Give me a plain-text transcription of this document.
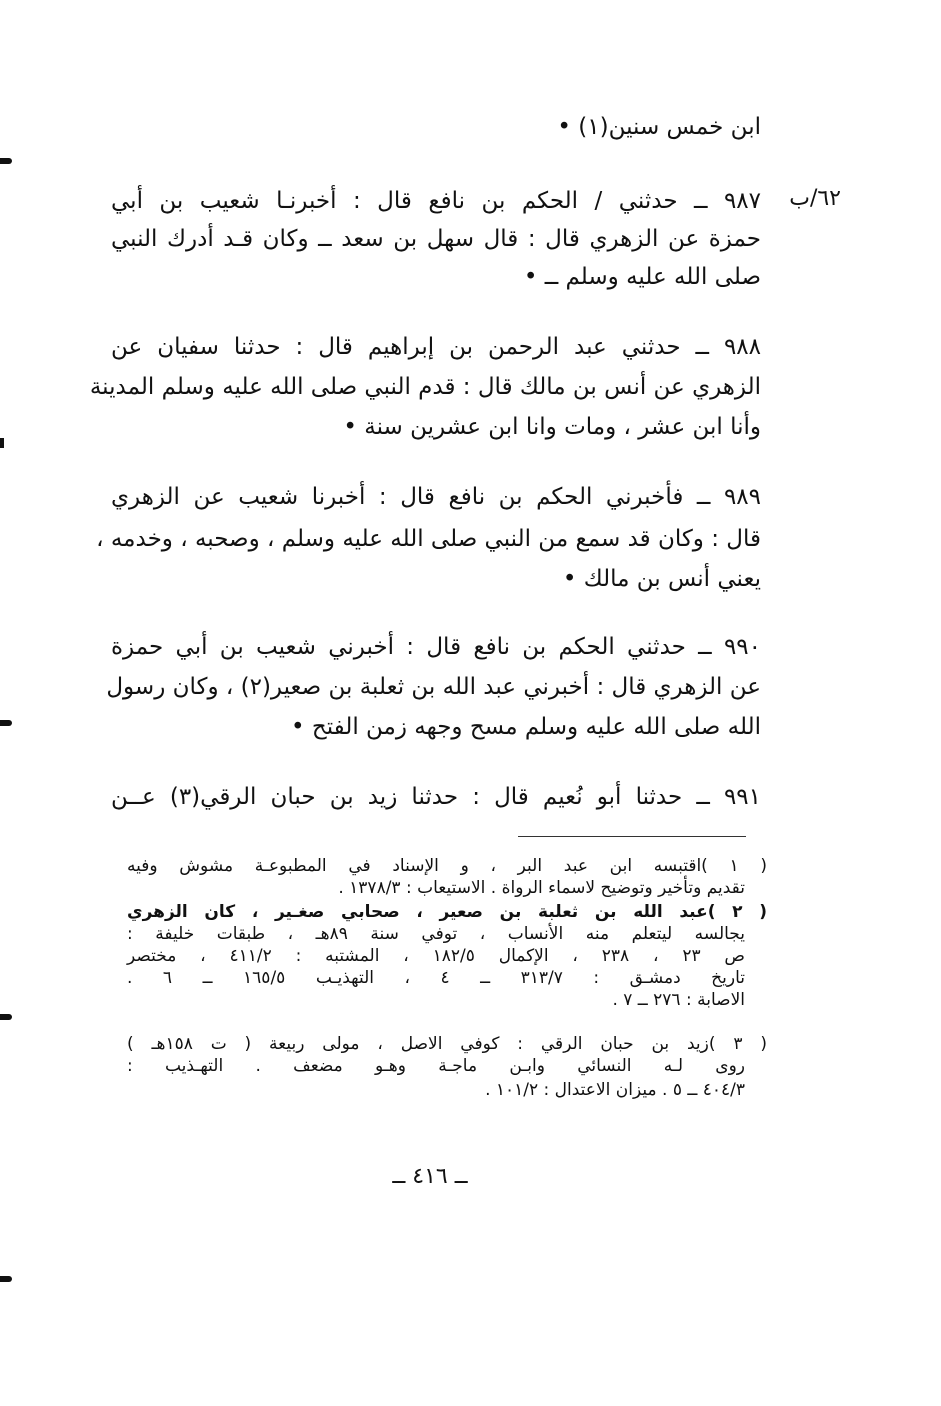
ابن خمس سنين(١) •
٦٢/ب
٩٨٧ ــ حدثني / الحكم بن نافع قال : أخبرنـا شعيب بن أبي
حمزة عن الزهري قال : قال سهل بن سعد ــ وكان قـد أدرك النبي
صلى الله عليه وسلم ــ •
٩٨٨ ــ حدثني عبد الرحمن بن إبراهيم قال : حدثنا سفيان عن
الزهري عن أنس بن مالك قال : قدم النبي صلى الله عليه وسلم المدينة
وأنا ابن عشر ، ومات وانا ابن عشرين سنة •
٩٨٩ ــ فأخبرني الحكم بن نافع قال : أخبرنا شعيب عن الزهري
قال : وكان قد سمع من النبي صلى الله عليه وسلم ، وصحبه ، وخدمه ،
يعني أنس بن مالك •
٩٩٠ ــ حدثني الحكم بن نافع قال : أخبرني شعيب بن أبي حمزة
عن الزهري قال : أخبرني عبد الله بن ثعلبة بن صعير(٢) ، وكان رسول
الله صلى الله عليه وسلم مسح وجهه زمن الفتح •
٩٩١ ــ حدثنا أبو نُعيم قال : حدثنا زيد بن حبان الرقي(٣) عــن
( ١ )اقتبسه ابن عبد البر ، و الإسناد في المطبوعـة مشوش وفيه
تقديم وتأخير وتوضيح لاسماء الرواة . الاستيعاب : ١٣٧٨/٣ .
( ٢ )عبد الله بن ثعلبة بن صعير ، صحابي صغـير ، كان الزهري
يجالسه ليتعلم منه الأنساب ، توفي سنة ٨٩هـ ، طبقات خليفة :
ص ٢٣ ، ٢٣٨ ، الإكمال ١٨٢/٥ ، المشتبه : ٤١١/٢ ، مختصر
تاريخ دمشـق : ٣١٣/٧ ــ ٤ ، التهذيـب ١٦٥/٥ ــ ٦ .
الاصابة : ٢٧٦ ــ ٧ .
( ٣ )زيد بن حبان الرقي : كوفي الاصل ، مولى ربيعة ( ت ١٥٨هـ )
روى لـه النسائي وابـن ماجـة وهـو مضعف . التهـذيب :
٤٠٤/٣ ــ ٥ . ميزان الاعتدال : ١٠١/٢ .
ــ ٤١٦ ــ
